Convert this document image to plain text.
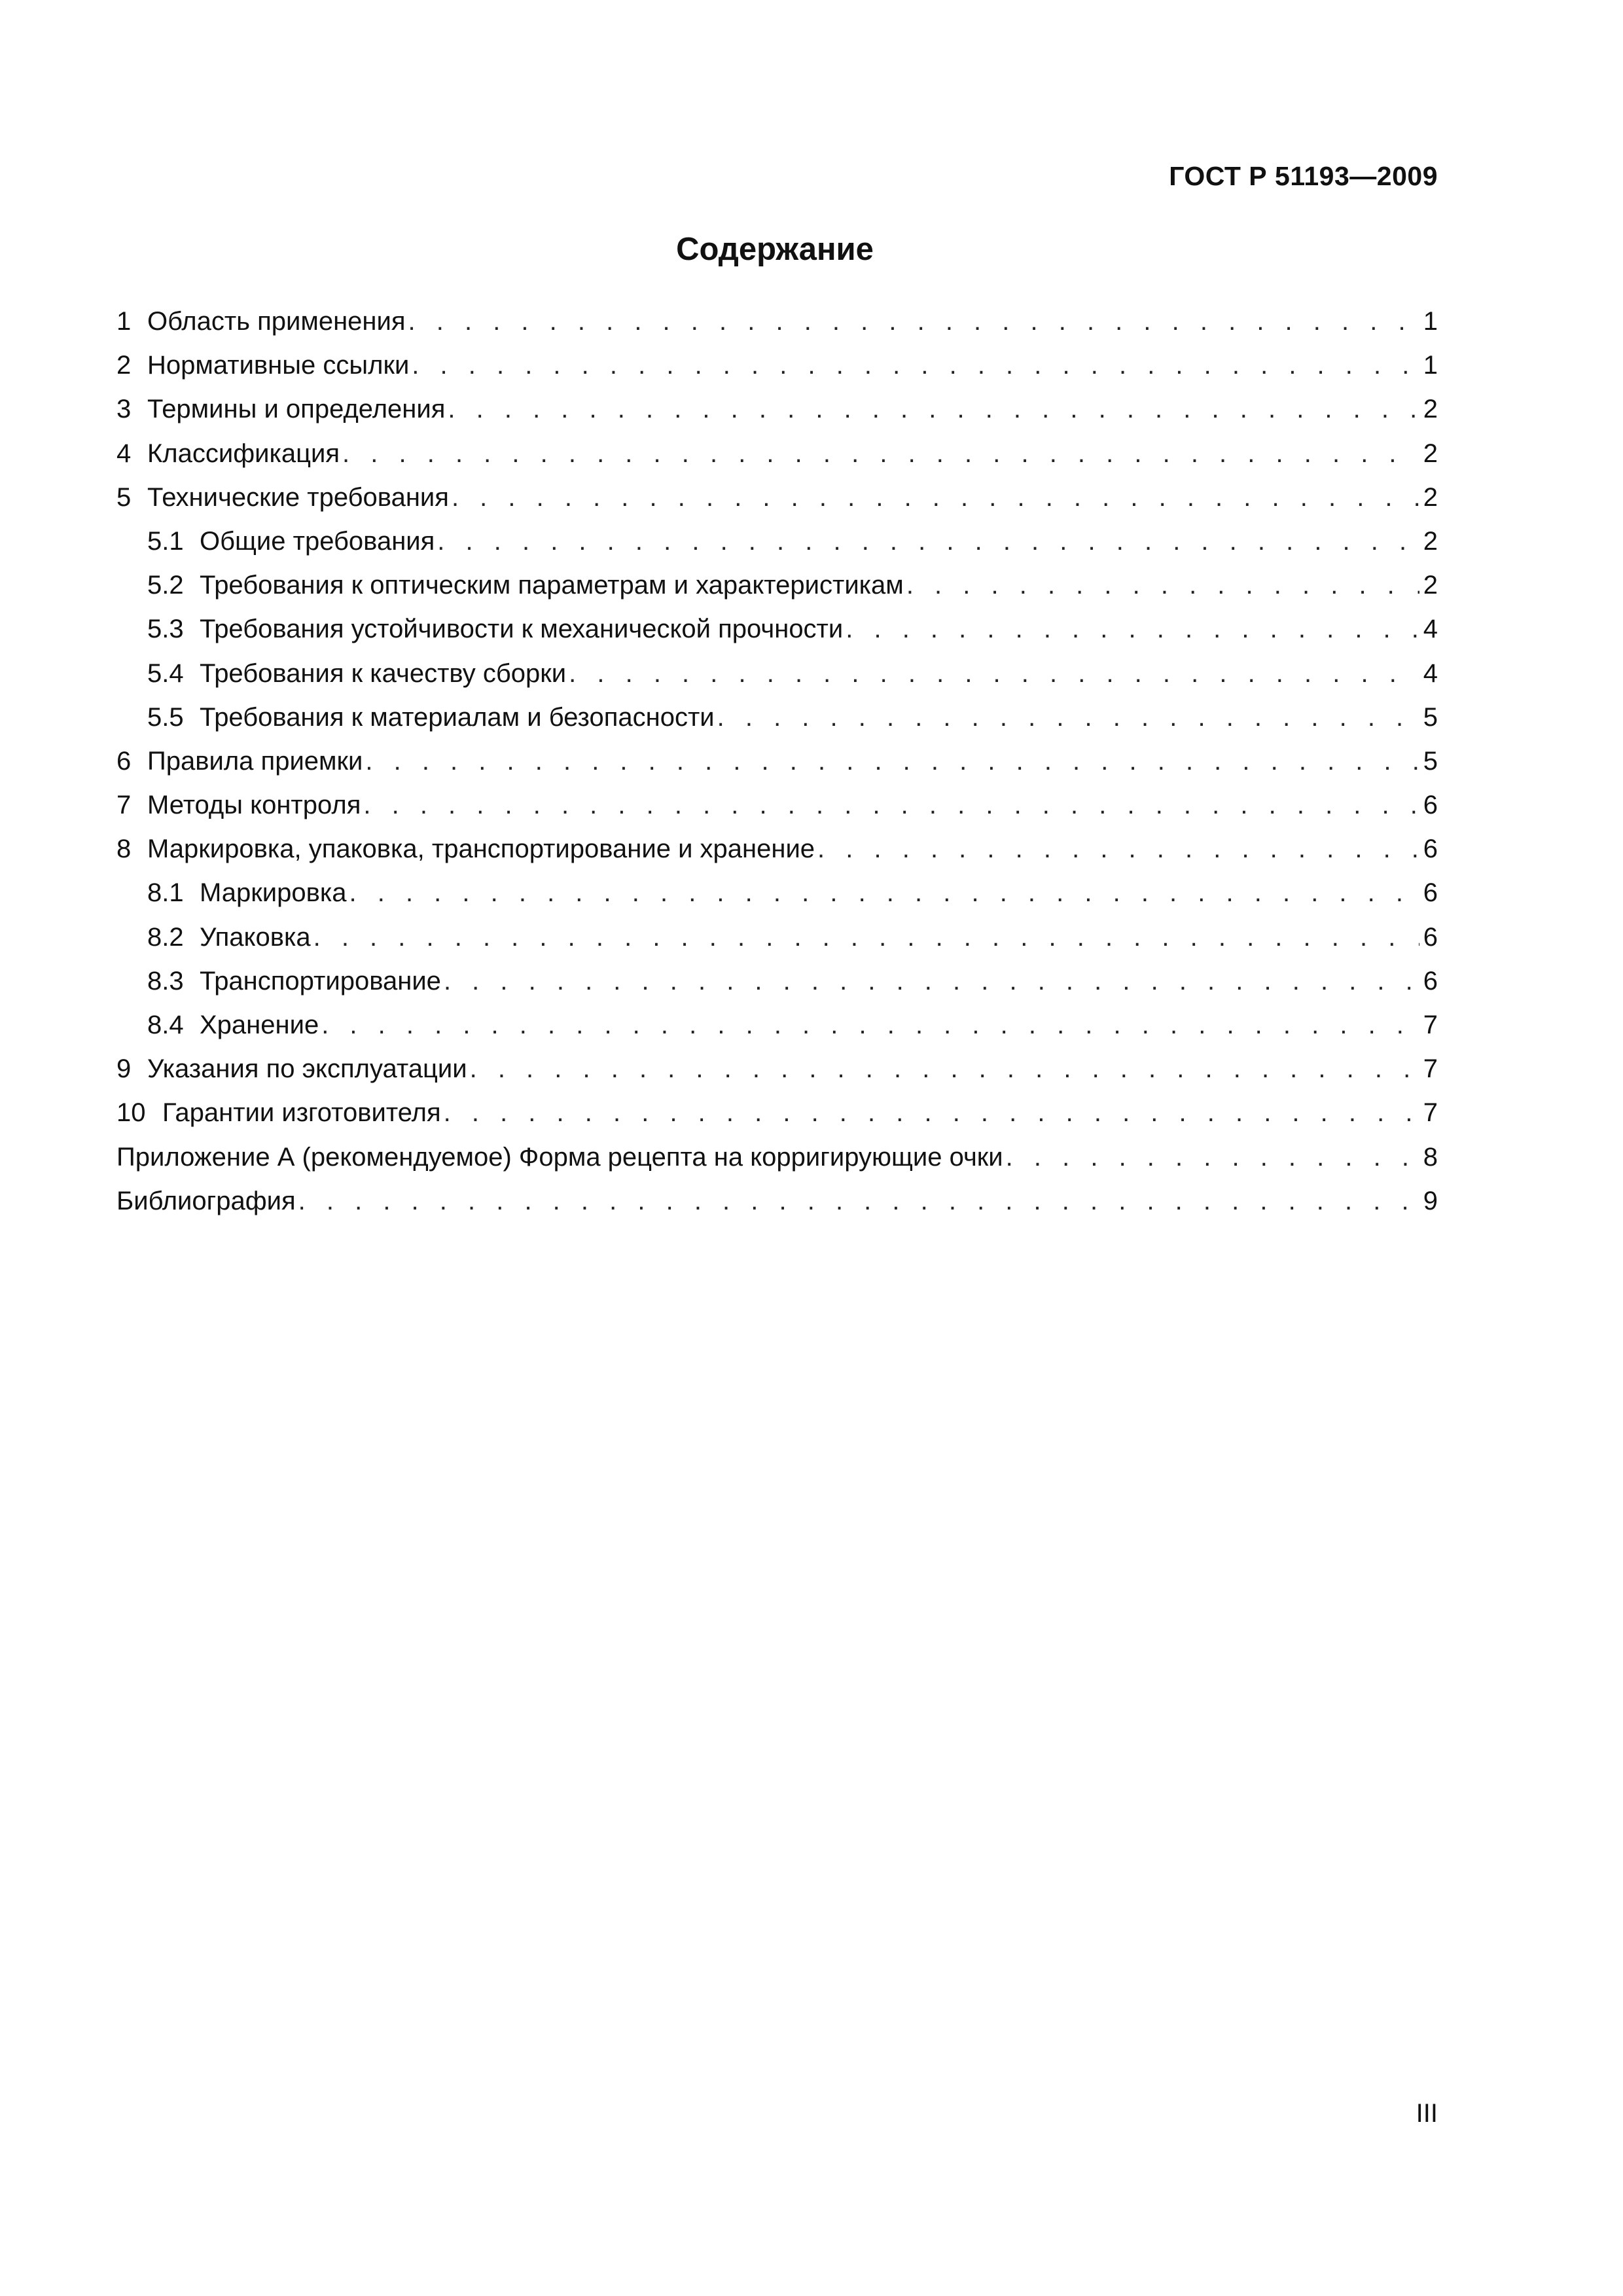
ГОСТ Р 51193—2009
Содержание
1 Область применения . . .	1
2 Нормативные ссылки . . .	1
3 Термины и определения . . .	2
4 Классификация . . .	2
5 Технические требования . . .	2
5.1 Общие требования . . .	2
5.2 Требования к оптическим параметрам и характеристикам . . .	2
5.3 Требования устойчивости к механической прочности . . .	4
5.4 Требования к качеству сборки . . .	4
5.5 Требования к материалам и безопасности . . .	5
6 Правила приемки . . .	5
7 Методы контроля . . .	6
8 Маркировка, упаковка, транспортирование и хранение . . .	6
8.1 Маркировка . . .	6
8.2 Упаковка . . .	6
8.3 Транспортирование . . .	6
8.4 Хранение . . .	7
9 Указания по эксплуатации . . .	7
10 Гарантии изготовителя . . .	7
Приложение А (рекомендуемое) Форма рецепта на корригирующие очки . . .	8
Библиография . . .	9
III
